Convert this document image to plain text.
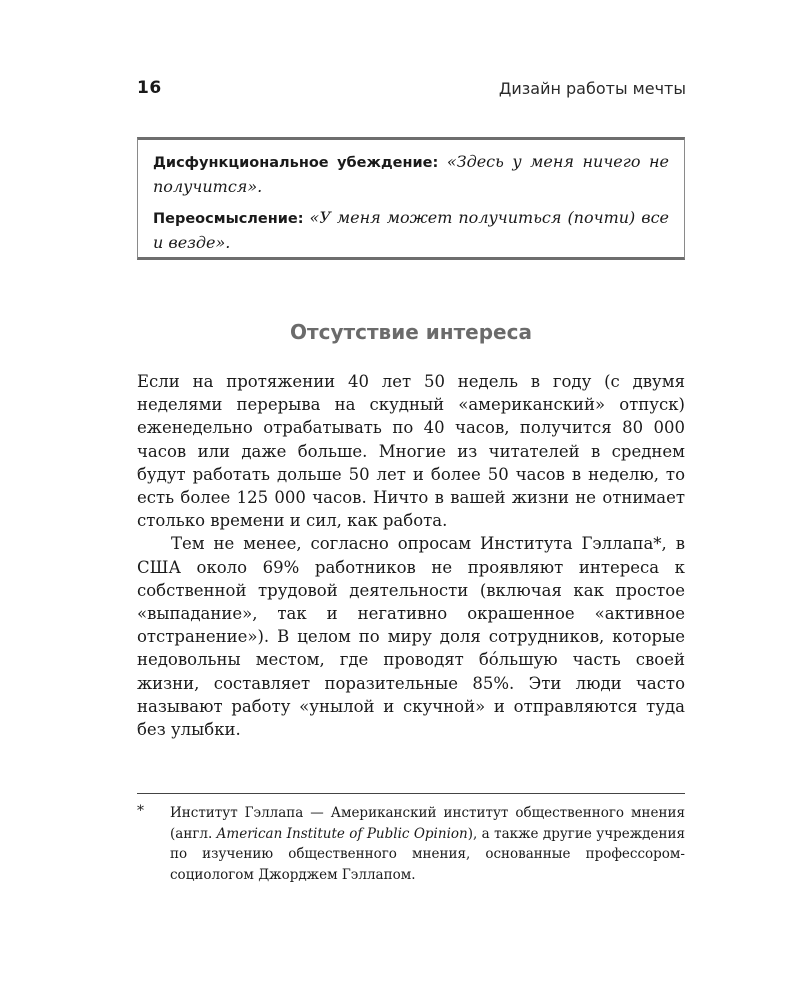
16	Дизайн работы мечты

Дисфункциональное убеждение: «Здесь у меня ничего не получится».

Переосмысление: «У меня может получиться (почти) все и везде».

Отсутствие интереса

Если на протяжении 40 лет 50 недель в году (с двумя неделями перерыва на скудный «американский» отпуск) еженедельно отрабатывать по 40 часов, получится 80 000 часов или даже больше. Многие из читателей в среднем будут работать дольше 50 лет и более 50 часов в неделю, то есть более 125 000 часов. Ничто в вашей жизни не отнимает столько времени и сил, как работа.

Тем не менее, согласно опросам Института Гэллапа*, в США около 69% работников не проявляют интереса к собственной трудовой деятельности (включая как простое «выпадание», так и негативно окрашенное «активное отстранение»). В целом по миру доля сотрудников, которые недовольны местом, где проводят бóльшую часть своей жизни, составляет поразительные 85%. Эти люди часто называют работу «унылой и скучной» и отправляются туда без улыбки.

* Институт Гэллапа — Американский институт общественного мнения (англ. American Institute of Public Opinion), а также другие учреждения по изучению общественного мнения, основанные профессором-социологом Джорджем Гэллапом.
